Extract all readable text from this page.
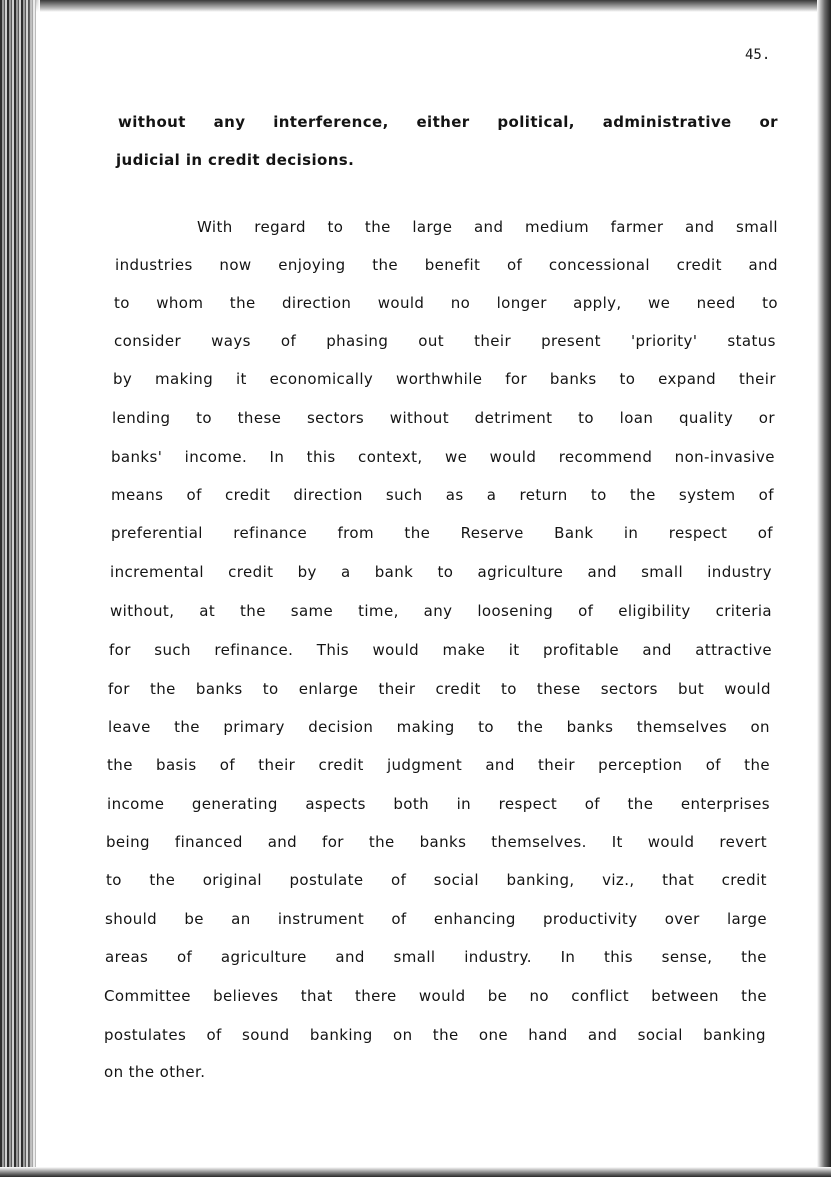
45.
without any interference, either political, administrative or
judicial in credit decisions.
With regard to the large and medium farmer and small
industries now enjoying the benefit of concessional credit and
to whom the direction would no longer apply, we need to
consider ways of phasing out their present 'priority' status
by making it economically worthwhile for banks to expand their
lending to these sectors without detriment to loan quality or
banks' income. In this context, we would recommend non-invasive
means of credit direction such as a return to the system of
preferential refinance from the Reserve Bank in respect of
incremental credit by a bank to agriculture and small industry
without, at the same time, any loosening of eligibility criteria
for such refinance. This would make it profitable and attractive
for the banks to enlarge their credit to these sectors but would
leave the primary decision making to the banks themselves on
the basis of their credit judgment and their perception of the
income generating aspects both in respect of the enterprises
being financed and for the banks themselves. It would revert
to the original postulate of social banking, viz., that credit
should be an instrument of enhancing productivity over large
areas of agriculture and small industry. In this sense, the
Committee believes that there would be no conflict between the
postulates of sound banking on the one hand and social banking
on the other.
